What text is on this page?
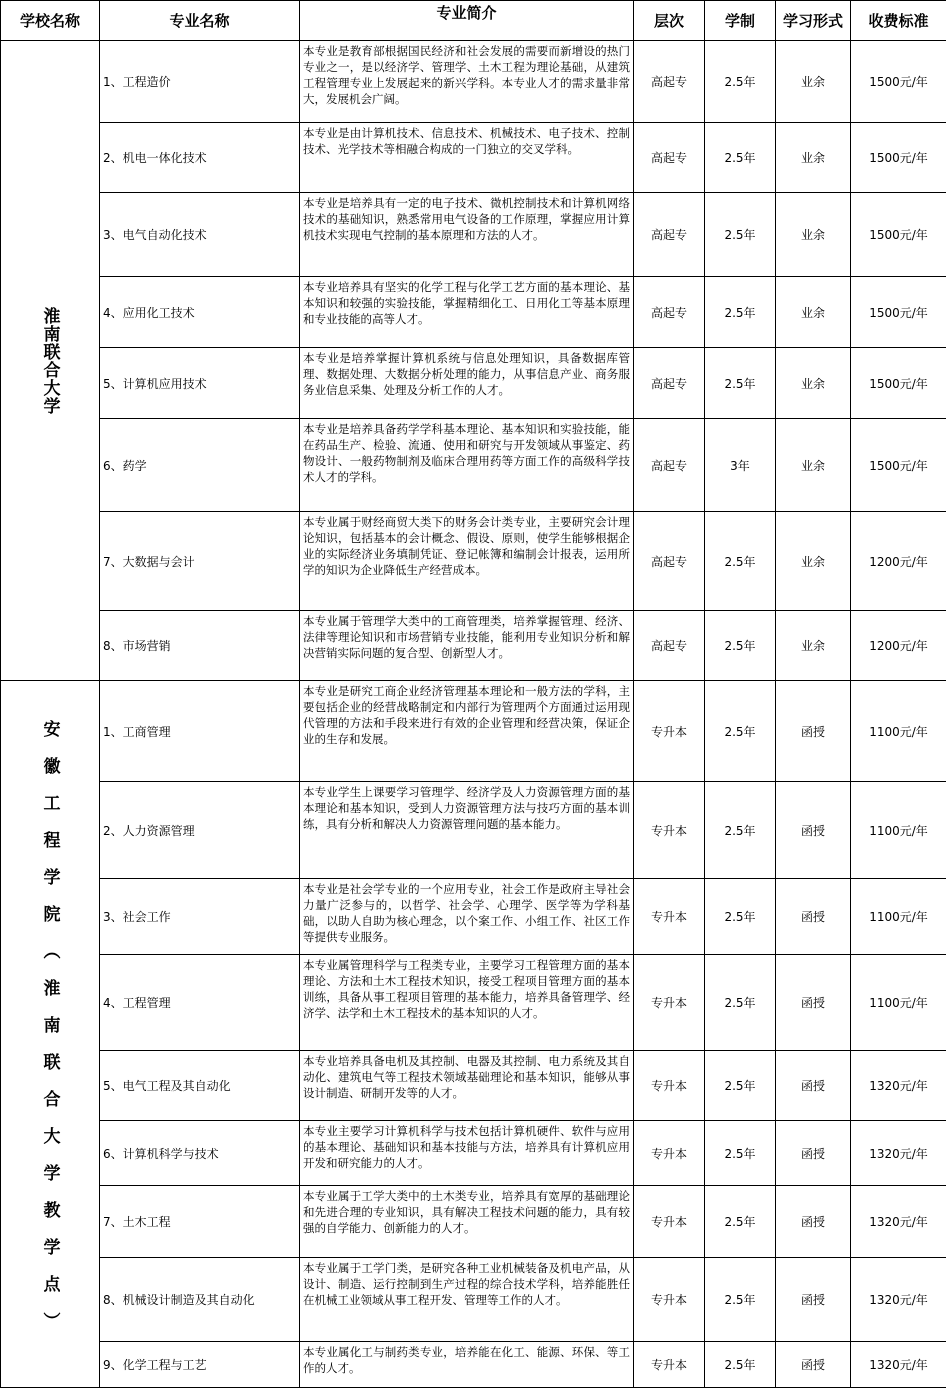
学校名称	专业名称	专业简介	层次	学制	学习形式	收费标准

淮南联合大学	1、工程造价	本专业是教育部根据国民经济和社会发展的需要而新增设的热门专业之一，是以经济学、管理学、土木工程为理论基础，从建筑工程管理专业上发展起来的新兴学科。本专业人才的需求量非常大，发展机会广阔。	高起专	2.5年	业余	1500元/年
	2、机电一体化技术	本专业是由计算机技术、信息技术、机械技术、电子技术、控制技术、光学技术等相融合构成的一门独立的交叉学科。	高起专	2.5年	业余	1500元/年
	3、电气自动化技术	本专业是培养具有一定的电子技术、微机控制技术和计算机网络技术的基础知识，熟悉常用电气设备的工作原理，掌握应用计算机技术实现电气控制的基本原理和方法的人才。	高起专	2.5年	业余	1500元/年
	4、应用化工技术	本专业培养具有坚实的化学工程与化学工艺方面的基本理论、基本知识和较强的实验技能，掌握精细化工、日用化工等基本原理和专业技能的高等人才。	高起专	2.5年	业余	1500元/年
	5、计算机应用技术	本专业是培养掌握计算机系统与信息处理知识，具备数据库管理、数据处理、大数据分析处理的能力，从事信息产业、商务服务业信息采集、处理及分析工作的人才。	高起专	2.5年	业余	1500元/年
	6、药学	本专业是培养具备药学学科基本理论、基本知识和实验技能，能在药品生产、检验、流通、使用和研究与开发领域从事鉴定、药物设计、一般药物制剂及临床合理用药等方面工作的高级科学技术人才的学科。	高起专	3年	业余	1500元/年
	7、大数据与会计	本专业属于财经商贸大类下的财务会计类专业，主要研究会计理论知识，包括基本的会计概念、假设、原则，使学生能够根据企业的实际经济业务填制凭证、登记帐簿和编制会计报表，运用所学的知识为企业降低生产经营成本。	高起专	2.5年	业余	1200元/年
	8、市场营销	本专业属于管理学大类中的工商管理类，培养掌握管理、经济、法律等理论知识和市场营销专业技能，能利用专业知识分析和解决营销实际问题的复合型、创新型人才。	高起专	2.5年	业余	1200元/年

安徽工程学院（淮南联合大学教学点）	1、工商管理	本专业是研究工商企业经济管理基本理论和一般方法的学科，主要包括企业的经营战略制定和内部行为管理两个方面通过运用现代管理的方法和手段来进行有效的企业管理和经营决策，保证企业的生存和发展。	专升本	2.5年	函授	1100元/年
	2、人力资源管理	本专业学生上课要学习管理学、经济学及人力资源管理方面的基本理论和基本知识，受到人力资源管理方法与技巧方面的基本训练，具有分析和解决人力资源管理问题的基本能力。	专升本	2.5年	函授	1100元/年
	3、社会工作	本专业是社会学专业的一个应用专业，社会工作是政府主导社会力量广泛参与的，以哲学、社会学、心理学、医学等为学科基础，以助人自助为核心理念，以个案工作、小组工作、社区工作等提供专业服务。	专升本	2.5年	函授	1100元/年
	4、工程管理	本专业属管理科学与工程类专业，主要学习工程管理方面的基本理论、方法和土木工程技术知识，接受工程项目管理方面的基本训练，具备从事工程项目管理的基本能力，培养具备管理学、经济学、法学和土木工程技术的基本知识的人才。	专升本	2.5年	函授	1100元/年
	5、电气工程及其自动化	本专业培养具备电机及其控制、电器及其控制、电力系统及其自动化、建筑电气等工程技术领域基础理论和基本知识，能够从事设计制造、研制开发等的人才。	专升本	2.5年	函授	1320元/年
	6、计算机科学与技术	本专业主要学习计算机科学与技术包括计算机硬件、软件与应用的基本理论、基础知识和基本技能与方法，培养具有计算机应用开发和研究能力的人才。	专升本	2.5年	函授	1320元/年
	7、土木工程	本专业属于工学大类中的土木类专业，培养具有宽厚的基础理论和先进合理的专业知识，具有解决工程技术问题的能力，具有较强的自学能力、创新能力的人才。	专升本	2.5年	函授	1320元/年
	8、机械设计制造及其自动化	本专业属于工学门类，是研究各种工业机械装备及机电产品，从设计、制造、运行控制到生产过程的综合技术学科，培养能胜任在机械工业领域从事工程开发、管理等工作的人才。	专升本	2.5年	函授	1320元/年
	9、化学工程与工艺	本专业属化工与制药类专业，培养能在化工、能源、环保、等工作的人才。	专升本	2.5年	函授	1320元/年
